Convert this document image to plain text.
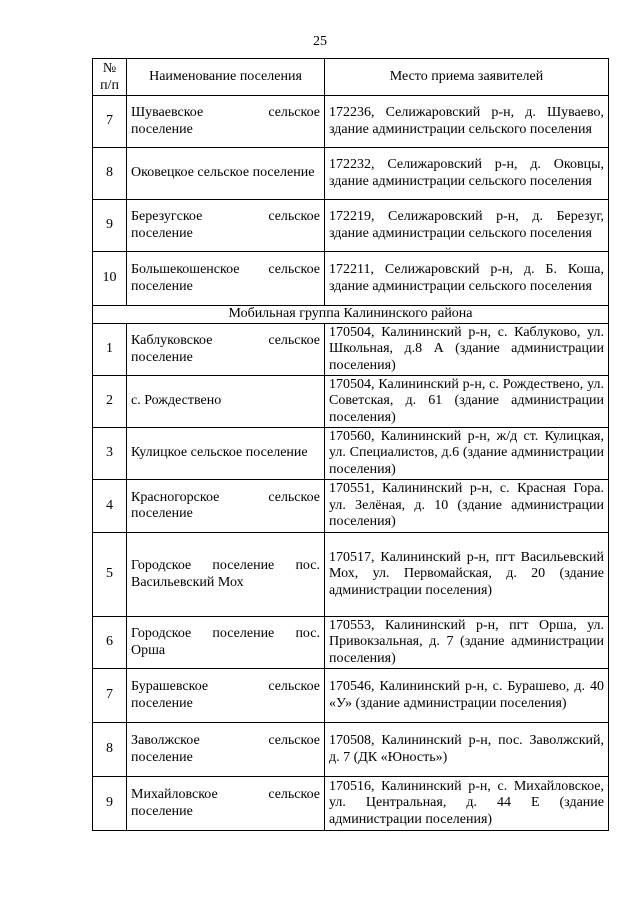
25
№ п/п	Наименование поселения	Место приема заявителей
7	Шуваевское сельское поселение	172236, Селижаровский р-н, д. Шуваево, здание администрации сельского поселения
8	Оковецкое сельское поселение	172232, Селижаровский р-н, д. Оковцы, здание администрации сельского поселения
9	Березугское сельское поселение	172219, Селижаровский р-н, д. Березуг, здание администрации сельского поселения
10	Большекошенское сельское поселение	172211, Селижаровский р-н, д. Б. Коша, здание администрации сельского поселения
Мобильная группа Калининского района		
1	Каблуковское сельское поселение	170504, Калининский р-н, с. Каблуково, ул. Школьная, д.8 А (здание администрации поселения)
2	с. Рождествено	170504, Калининский р-н, с. Рождествено, ул. Советская, д. 61 (здание администрации поселения)
3	Кулицкое сельское поселение	170560, Калининский р-н, ж/д ст. Кулицкая, ул. Специалистов, д.6 (здание администрации поселения)
4	Красногорское сельское поселение	170551, Калининский р-н, с. Красная Гора. ул. Зелёная, д. 10 (здание администрации поселения)
5	Городское поселение пос. Васильевский Мох	170517, Калининский р-н, пгт Васильевский Мох, ул. Первомайская, д. 20 (здание администрации поселения)
6	Городское поселение пос. Орша	170553, Калининский р-н, пгт Орша, ул. Привокзальная, д. 7 (здание администрации поселения)
7	Бурашевское сельское поселение	170546, Калининский р-н, с. Бурашево, д. 40 «У» (здание администрации поселения)
8	Заволжское сельское поселение	170508, Калининский р-н, пос. Заволжский, д. 7 (ДК «Юность»)
9	Михайловское сельское поселение	170516, Калининский р-н, с. Михайловское, ул. Центральная, д. 44 Е (здание администрации поселения)
